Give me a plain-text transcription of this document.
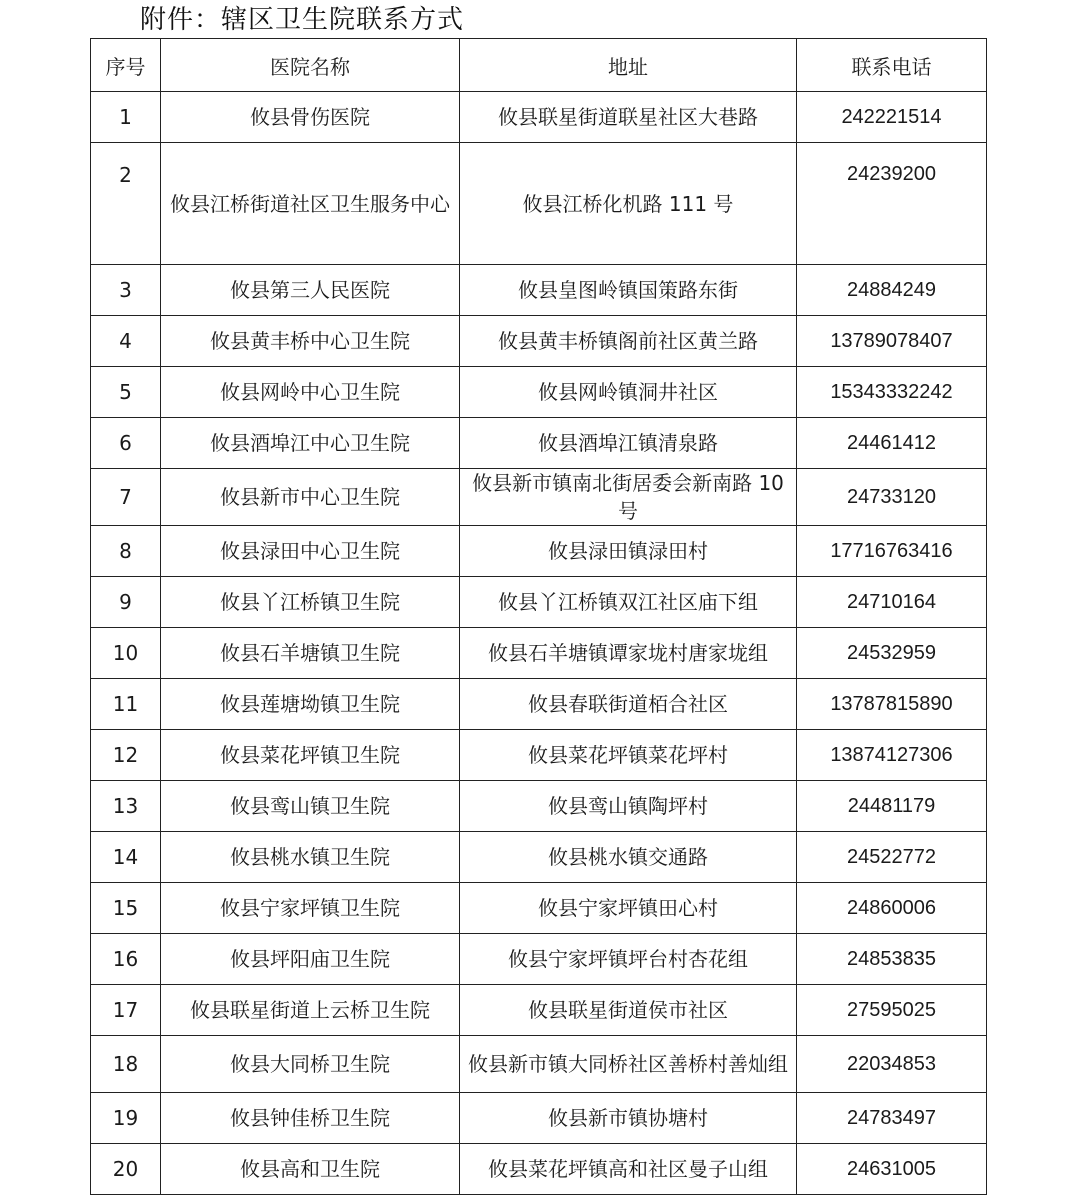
附件：辖区卫生院联系方式
序号	医院名称	地址	联系电话
1	攸县骨伤医院	攸县联星街道联星社区大巷路	242221514
2	攸县江桥街道社区卫生服务中心	攸县江桥化机路 111 号	24239200
3	攸县第三人民医院	攸县皇图岭镇国策路东街	24884249
4	攸县黄丰桥中心卫生院	攸县黄丰桥镇阁前社区黄兰路	13789078407
5	攸县网岭中心卫生院	攸县网岭镇洞井社区	15343332242
6	攸县酒埠江中心卫生院	攸县酒埠江镇清泉路	24461412
7	攸县新市中心卫生院	攸县新市镇南北街居委会新南路 10 号	24733120
8	攸县渌田中心卫生院	攸县渌田镇渌田村	17716763416
9	攸县丫江桥镇卫生院	攸县丫江桥镇双江社区庙下组	24710164
10	攸县石羊塘镇卫生院	攸县石羊塘镇谭家垅村唐家垅组	24532959
11	攸县莲塘坳镇卫生院	攸县春联街道栢合社区	13787815890
12	攸县菜花坪镇卫生院	攸县菜花坪镇菜花坪村	13874127306
13	攸县鸾山镇卫生院	攸县鸾山镇陶坪村	24481179
14	攸县桃水镇卫生院	攸县桃水镇交通路	24522772
15	攸县宁家坪镇卫生院	攸县宁家坪镇田心村	24860006
16	攸县坪阳庙卫生院	攸县宁家坪镇坪台村杏花组	24853835
17	攸县联星街道上云桥卫生院	攸县联星街道侯市社区	27595025
18	攸县大同桥卫生院	攸县新市镇大同桥社区善桥村善灿组	22034853
19	攸县钟佳桥卫生院	攸县新市镇协塘村	24783497
20	攸县高和卫生院	攸县菜花坪镇高和社区曼子山组	24631005
